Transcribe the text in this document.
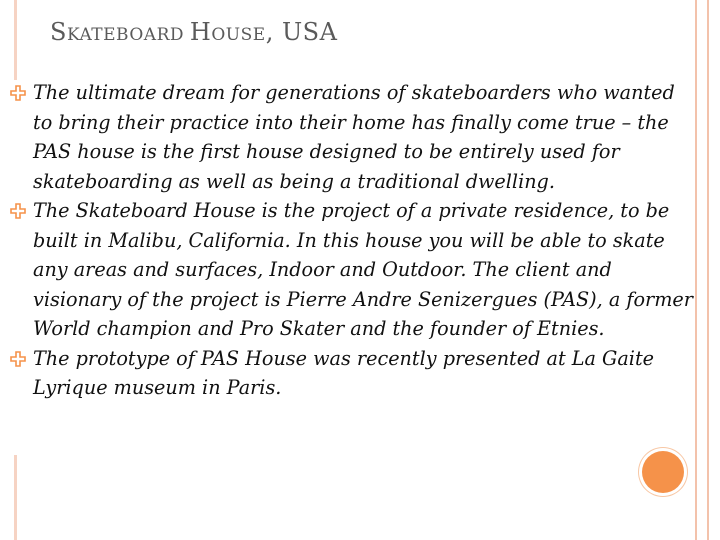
SKATEBOARD HOUSE, USA

The ultimate dream for generations of skateboarders who wanted to bring their practice into their home has finally come true – the PAS house is the first house designed to be entirely used for skateboarding as well as being a traditional dwelling.

The Skateboard House is the project of a private residence, to be built in Malibu, California. In this house you will be able to skate any areas and surfaces, Indoor and Outdoor. The client and visionary of the project is Pierre Andre Senizergues (PAS), a former World champion and Pro Skater and the founder of Etnies.

The prototype of PAS House was recently presented at La Gaite Lyrique museum in Paris.
